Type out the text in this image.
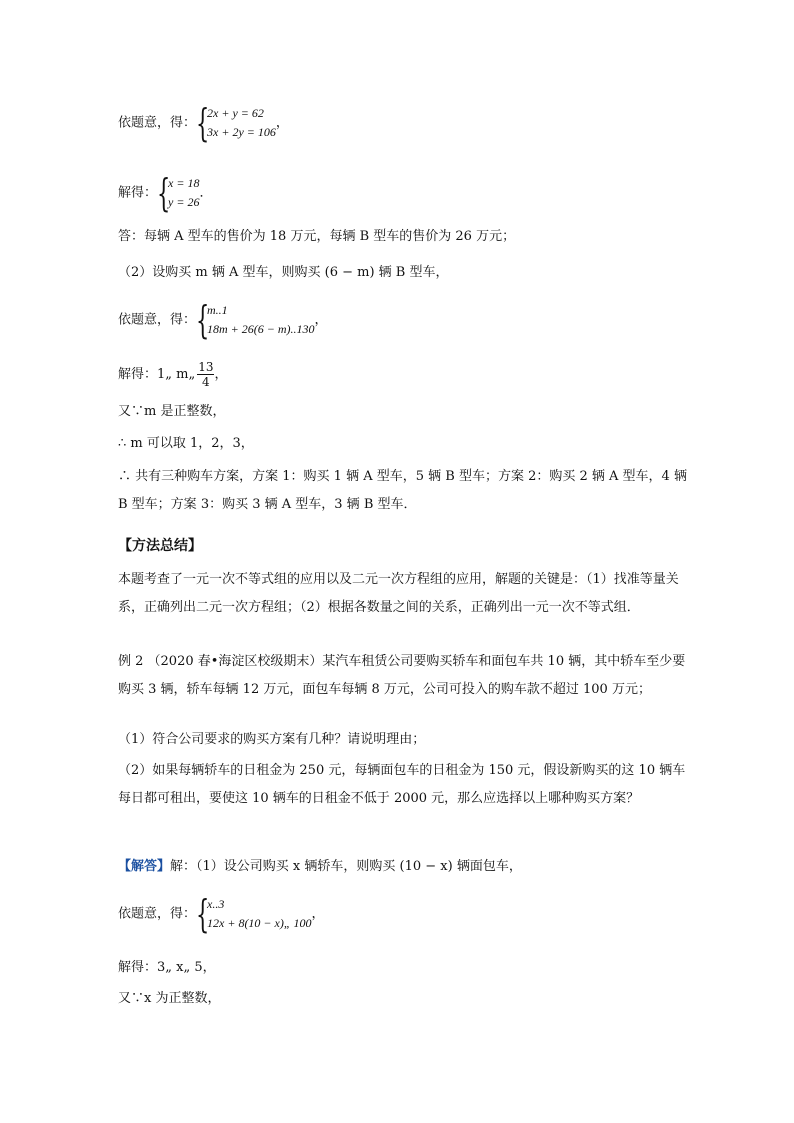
依题意，得： {
2x + y = 62
3x + 2y = 106
，
解得： {
x = 18
y = 26
．
答：每辆 A 型车的售价为 18 万元，每辆 B 型车的售价为 26 万元；
（2）设购买 m 辆 A 型车，则购买 (6 − m) 辆 B 型车，
依题意，得： {
m..1
18m + 26(6 − m)..130
，
解得：1„ m„ $\frac{13}{4}$ ，
又∵m 是正整数，
∴ m 可以取 1，2，3，
∴ 共有三种购车方案，方案 1：购买 1 辆 A 型车，5 辆 B 型车；方案 2：购买 2 辆 A 型车，4 辆 B 型车；方案 3：购买 3 辆 A 型车，3 辆 B 型车．
【方法总结】
本题考查了一元一次不等式组的应用以及二元一次方程组的应用，解题的关键是：（1）找准等量关系，正确列出二元一次方程组；（2）根据各数量之间的关系，正确列出一元一次不等式组．
例 2 （2020 春•海淀区校级期末）某汽车租赁公司要购买轿车和面包车共 10 辆，其中轿车至少要购买 3 辆，轿车每辆 12 万元，面包车每辆 8 万元，公司可投入的购车款不超过 100 万元；
（1）符合公司要求的购买方案有几种？请说明理由；
（2）如果每辆轿车的日租金为 250 元，每辆面包车的日租金为 150 元，假设新购买的这 10 辆车每日都可租出，要使这 10 辆车的日租金不低于 2000 元，那么应选择以上哪种购买方案？
【解答】解：（1）设公司购买 x 辆轿车，则购买 (10 − x) 辆面包车，
依题意，得： {
x..3
12x + 8(10 − x)„ 100
，
解得：3„ x„ 5，
又∵x 为正整数，
